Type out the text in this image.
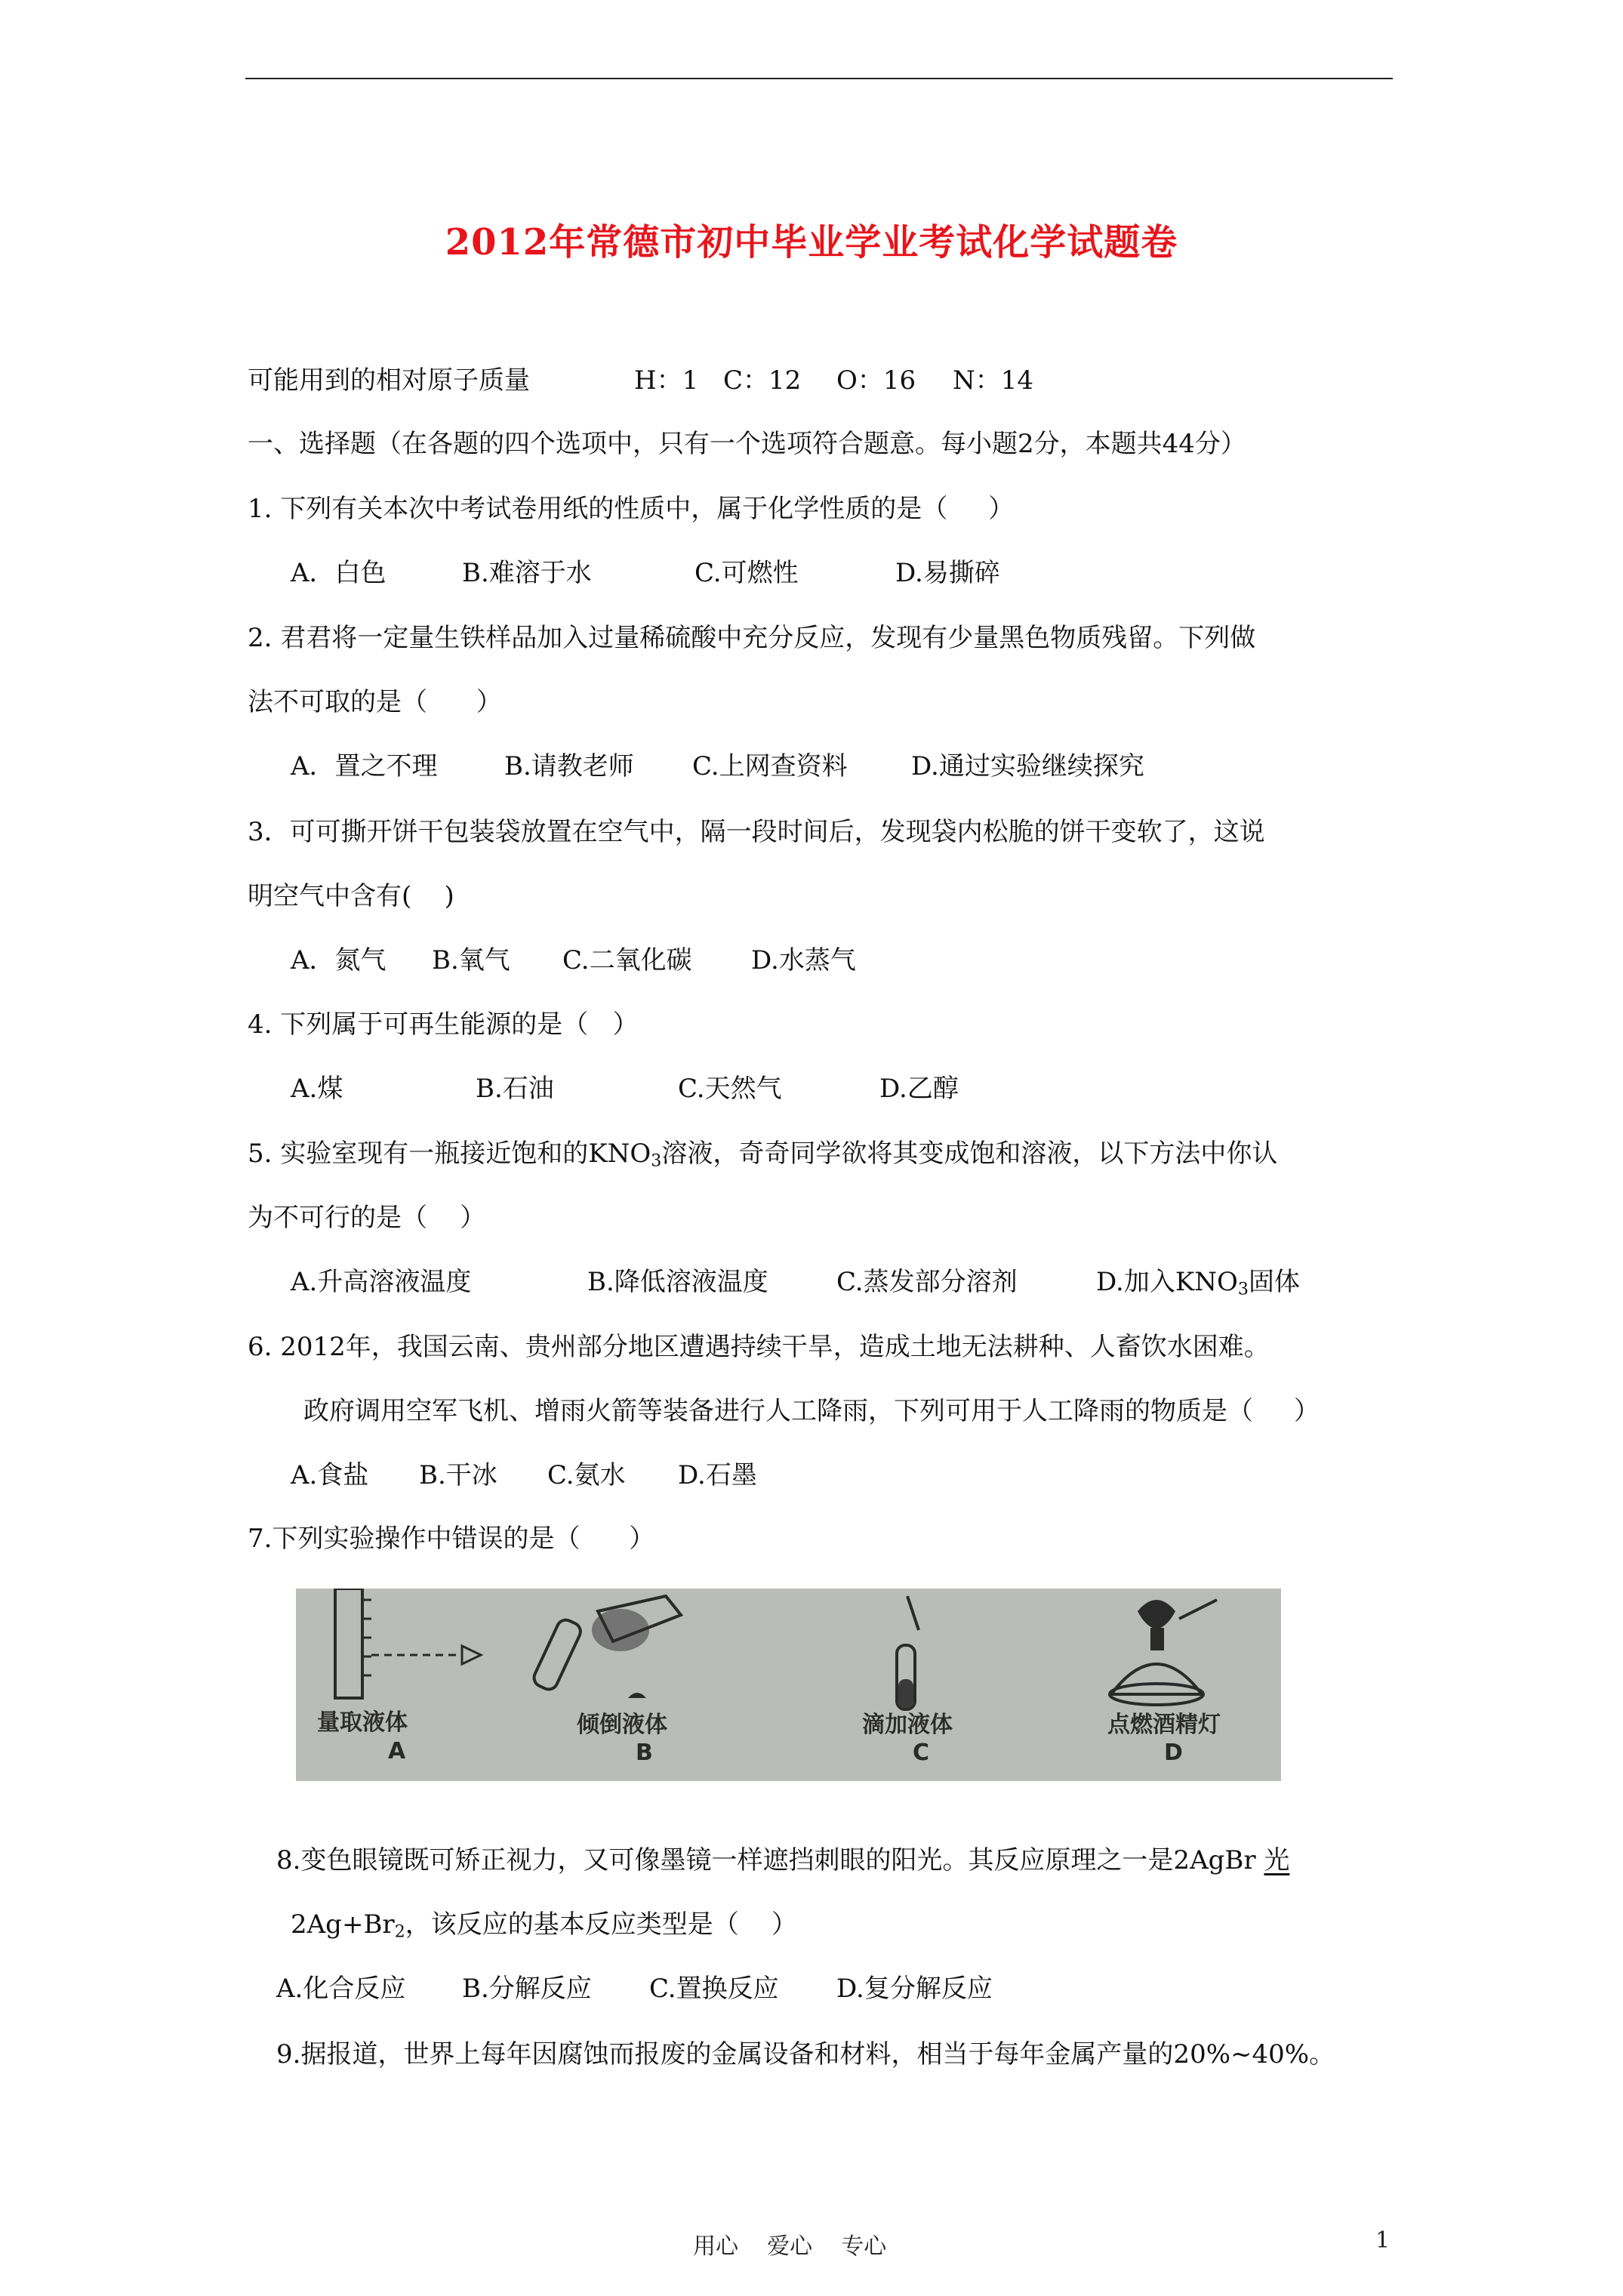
2012年常德市初中毕业学业考试化学试题卷
可能用到的相对原子质量	H：1 C：12 O：16 N：14
一、选择题（在各题的四个选项中，只有一个选项符合题意。每小题2分，本题共44分）
1. 下列有关本次中考试卷用纸的性质中，属于化学性质的是（     ）
A．白色	B.难溶于水	C.可燃性	D.易撕碎
2. 君君将一定量生铁样品加入过量稀硫酸中充分反应，发现有少量黑色物质残留。下列做
法不可取的是（      ）
A．置之不理	B.请教老师 C.上网查资料 D.通过实验继续探究
3．可可撕开饼干包装袋放置在空气中，隔一段时间后，发现袋内松脆的饼干变软了，这说
明空气中含有(    )
A．氮气 B.氧气 C.二氧化碳 D.水蒸气
4. 下列属于可再生能源的是（   ）
A.煤	B.石油	C.天然气	D.乙醇
5. 实验室现有一瓶接近饱和的$KNO_3$溶液，奇奇同学欲将其变成饱和溶液，以下方法中你认
为不可行的是（    ）
A.升高溶液温度	B.降低溶液温度	C.蒸发部分溶剂	D.加入$KNO_3$固体
6. 2012年，我国云南、贵州部分地区遭遇持续干旱，造成土地无法耕种、人畜饮水困难。
政府调用空军飞机、增雨火箭等装备进行人工降雨，下列可用于人工降雨的物质是（     ）
A.食盐 B.干冰 C.氨水 D.石墨
7.下列实验操作中错误的是（      ）
量取液体	倾倒液体	滴加液体	点燃酒精灯
A	B	C	D
8.变色眼镜既可矫正视力，又可像墨镜一样遮挡刺眼的阳光。其反应原理之一是2AgBr 光
$2Ag+Br_2$，该反应的基本反应类型是（    ）
A.化合反应 B.分解反应 C.置换反应 D.复分解反应
9.据报道，世界上每年因腐蚀而报废的金属设备和材料，相当于每年金属产量的20%~40%。
用心    爱心    专心	1
